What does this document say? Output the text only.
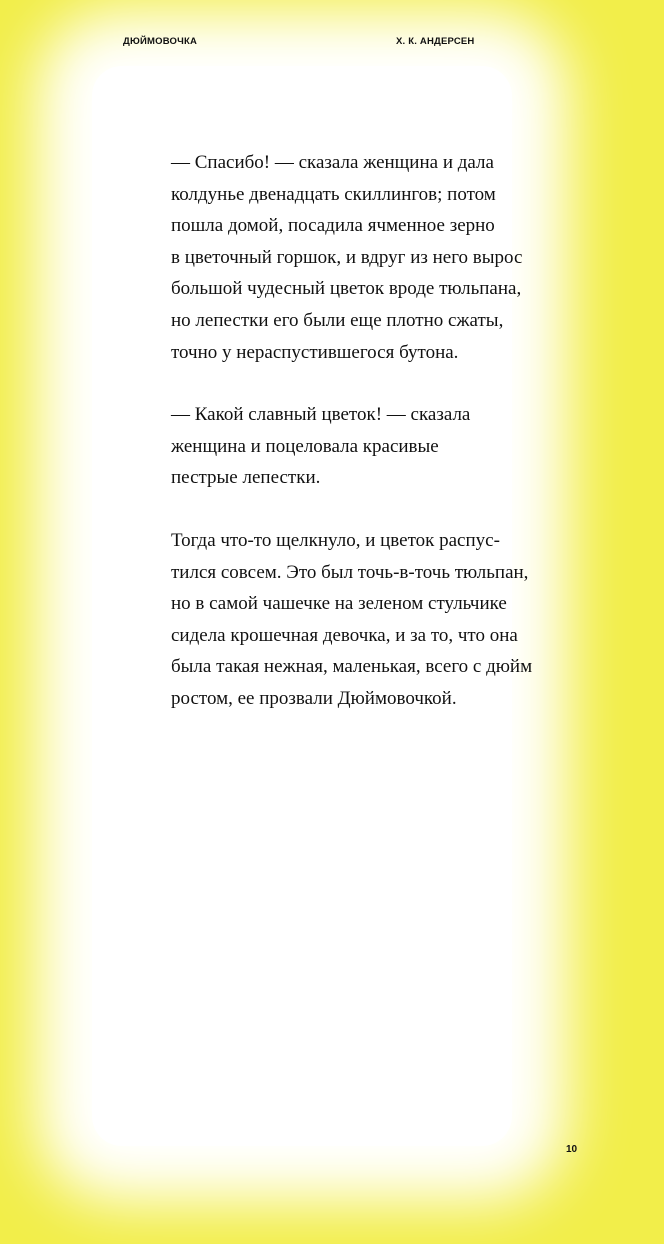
ДЮЙМОВОЧКА	Х. К. АНДЕРСЕН

— Спасибо! — сказала женщина и дала
колдунье двенадцать скиллингов; потом
пошла домой, посадила ячменное зерно
в цветочный горшок, и вдруг из него вырос
большой чудесный цветок вроде тюльпана,
но лепестки его были еще плотно сжаты,
точно у нераспустившегося бутона.

— Какой славный цветок! — сказала
женщина и поцеловала красивые
пестрые лепестки.

Тогда что-то щелкнуло, и цветок распус-
тился совсем. Это был точь-в-точь тюльпан,
но в самой чашечке на зеленом стульчике
сидела крошечная девочка, и за то, что она
была такая нежная, маленькая, всего с дюйм
ростом, ее прозвали Дюймовочкой.

10
